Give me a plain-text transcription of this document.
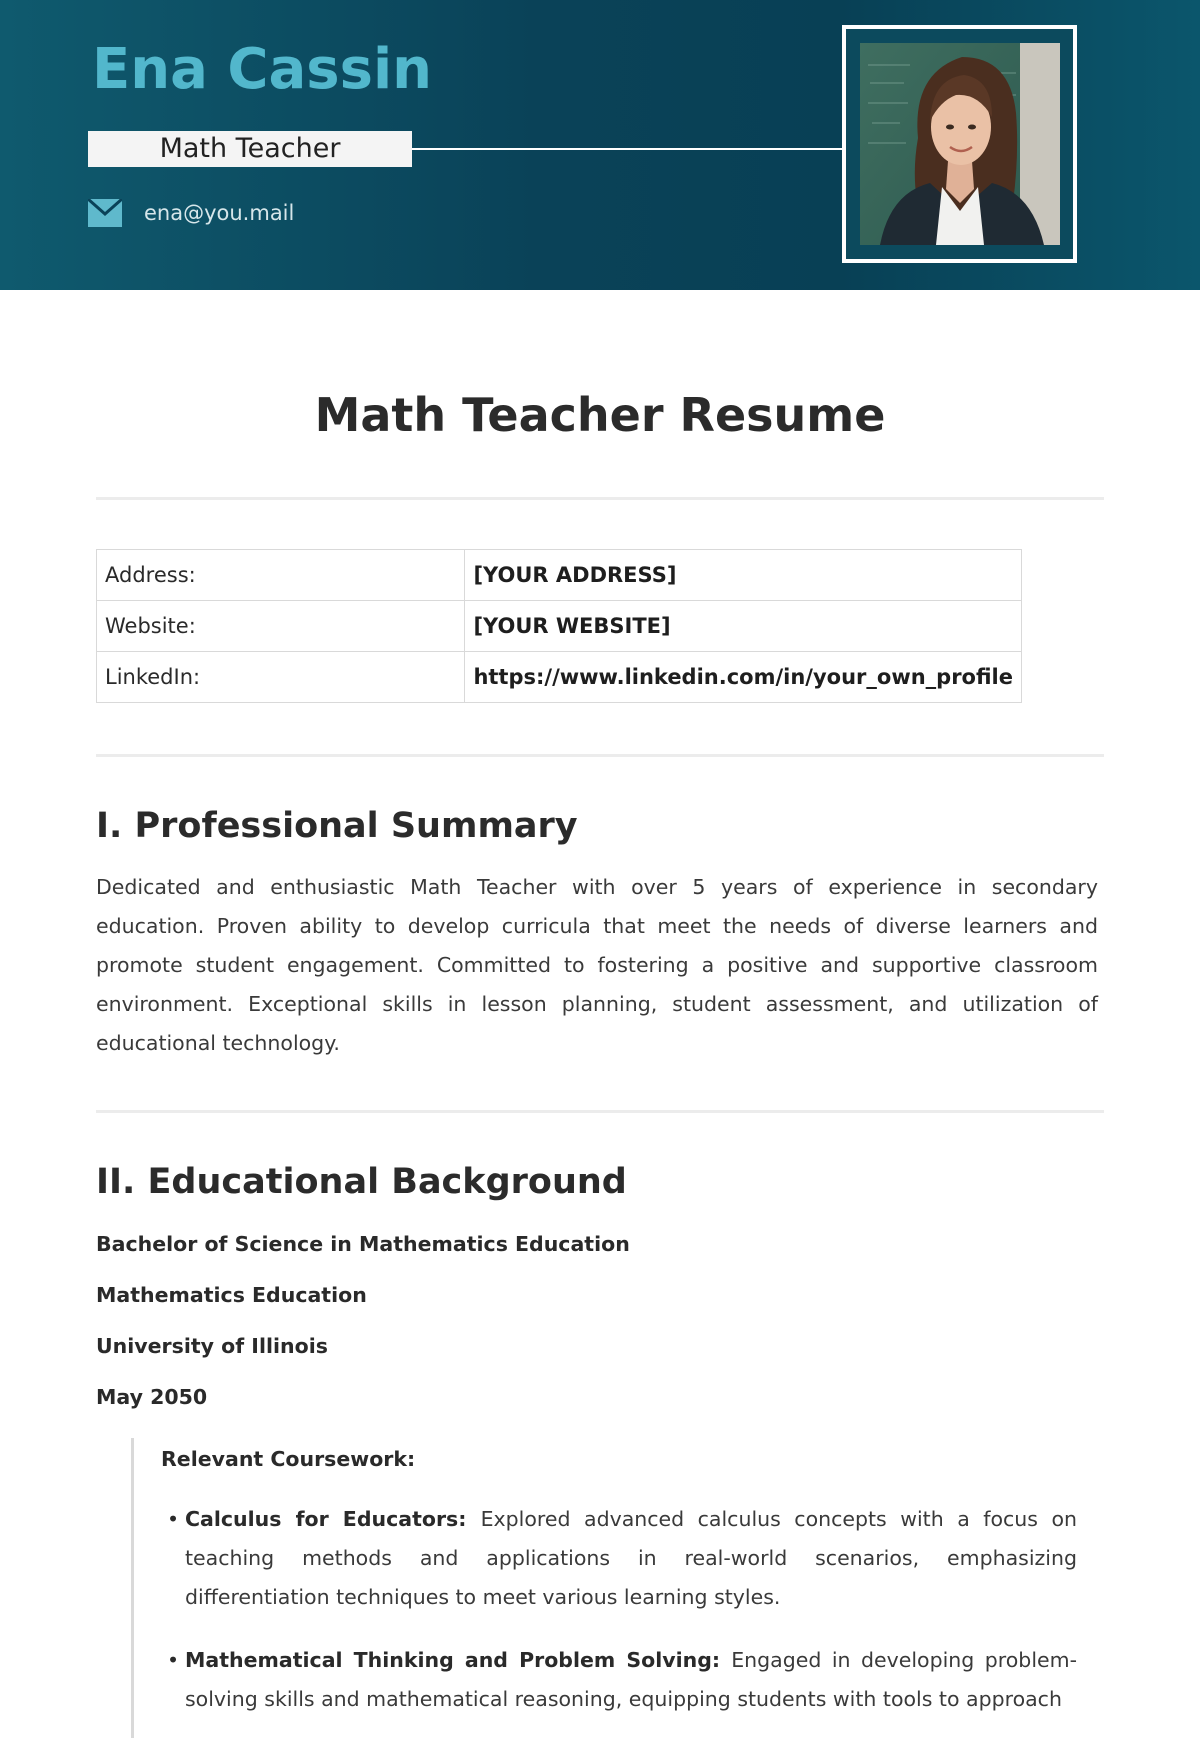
Ena Cassin
Math Teacher
ena@you.mail
Math Teacher Resume
Address:	[YOUR ADDRESS]
Website:	[YOUR WEBSITE]
LinkedIn:	https://www.linkedin.com/in/your_own_profile
I. Professional Summary

Dedicated and enthusiastic Math Teacher with over 5 years of experience in secondary education. Proven ability to develop curricula that meet the needs of diverse learners and promote student engagement. Committed to fostering a positive and supportive classroom environment. Exceptional skills in lesson planning, student assessment, and utilization of educational technology.

II. Educational Background
Bachelor of Science in Mathematics Education
Mathematics Education
University of Illinois
May 2050
Relevant Coursework:
• Calculus for Educators: Explored advanced calculus concepts with a focus on teaching methods and applications in real-world scenarios, emphasizing differentiation techniques to meet various learning styles.
• Mathematical Thinking and Problem Solving: Engaged in developing problem-solving skills and mathematical reasoning, equipping students with tools to approach
